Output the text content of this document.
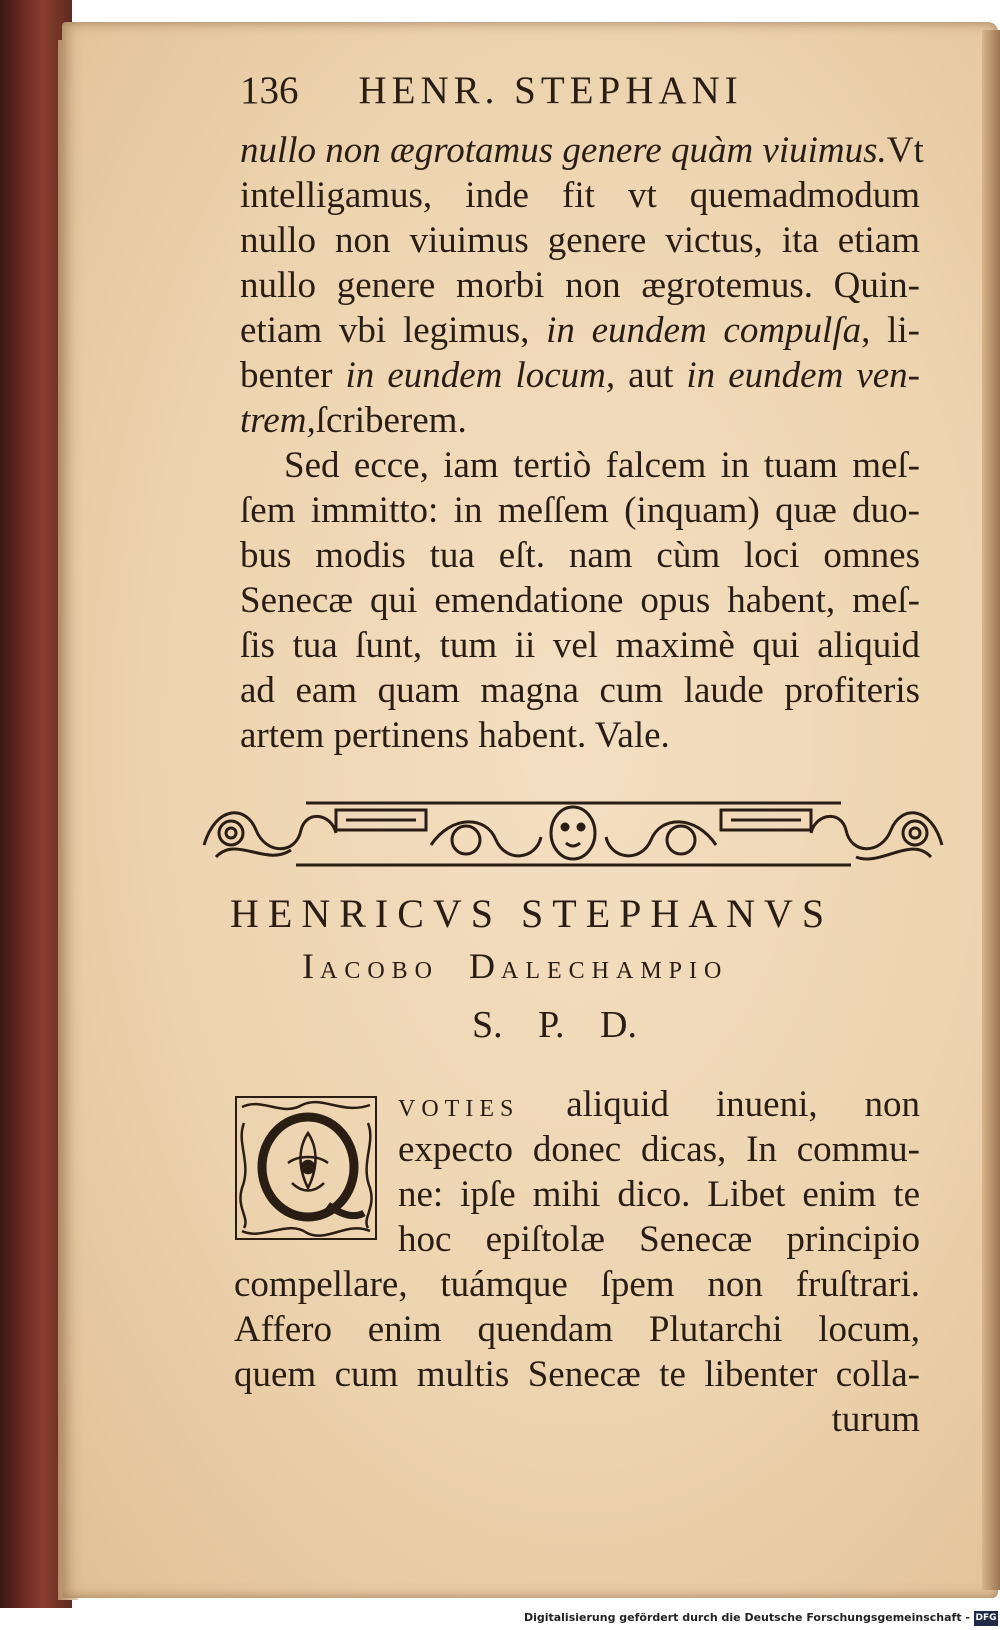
136 HENR. STEPHANI
nullo non ægrotamus genere quàm viuimus.Vt
intelligamus, inde fit vt quemadmodum
nullo non viuimus genere victus, ita etiam
nullo genere morbi non ægrotemus. Quin-
etiam vbi legimus, in eundem compulſa, li-
benter in eundem locum, aut in eundem ven-
trem,ſcriberem.
Sed ecce, iam tertiò falcem in tuam meſ-
ſem immitto: in meſſem (inquam) quæ duo-
bus modis tua eſt. nam cùm loci omnes
Senecæ qui emendatione opus habent, meſ-
ſis tua ſunt, tum ii vel maximè qui aliquid
ad eam quam magna cum laude profiteris
artem pertinens habent. Vale.
HENRICVS STEPHANVS
IACOBO DALECHAMPIO
S. P. D.
VOTIES aliquid inueni, non
expecto donec dicas, In commu-
ne: ipſe mihi dico. Libet enim te
hoc epiſtolæ Senecæ principio
compellare, tuámque ſpem non fruſtrari.
Affero enim quendam Plutarchi locum,
quem cum multis Senecæ te libenter colla-
turum
Digitalisierung gefördert durch die Deutsche Forschungsgemeinschaft - DFG
